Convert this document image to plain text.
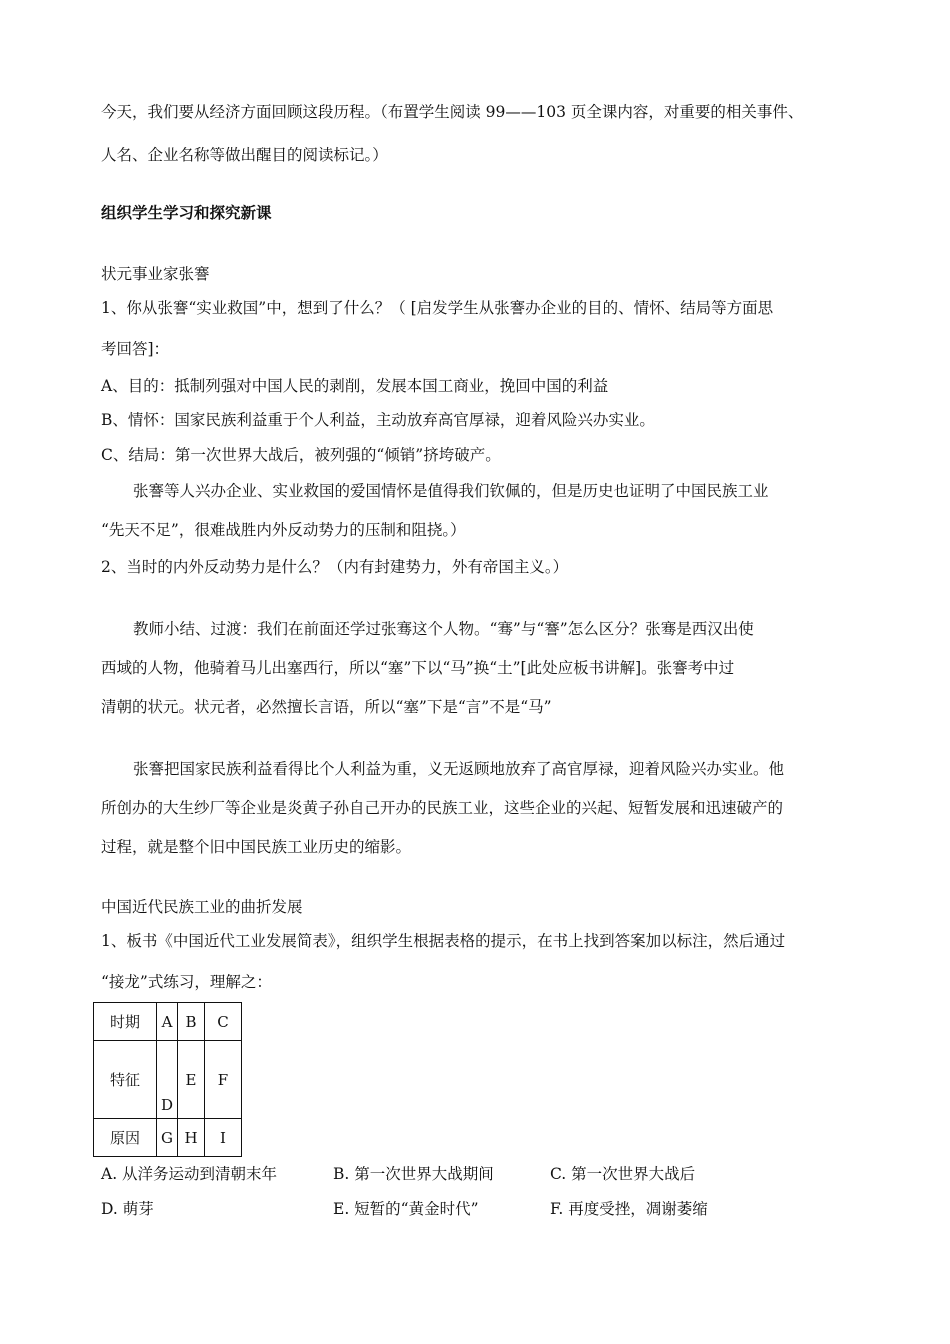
今天，我们要从经济方面回顾这段历程。（布置学生阅读 99——103 页全课内容，对重要的相关事件、
人名、企业名称等做出醒目的阅读标记。）
组织学生学习和探究新课
状元事业家张謇
1、你从张謇“实业救国”中，想到了什么？（ [启发学生从张謇办企业的目的、情怀、结局等方面思
考回答]：
A、目的：抵制列强对中国人民的剥削，发展本国工商业，挽回中国的利益
B、情怀：国家民族利益重于个人利益，主动放弃高官厚禄，迎着风险兴办实业。
C、结局：第一次世界大战后，被列强的“倾销”挤垮破产。
张謇等人兴办企业、实业救国的爱国情怀是值得我们钦佩的，但是历史也证明了中国民族工业
“先天不足”，很难战胜内外反动势力的压制和阻挠。）
2、当时的内外反动势力是什么？（内有封建势力，外有帝国主义。）
教师小结、过渡：我们在前面还学过张骞这个人物。“骞”与“謇”怎么区分？张骞是西汉出使
西域的人物，他骑着马儿出塞西行，所以“塞”下以“马”换“土”[此处应板书讲解]。张謇考中过
清朝的状元。状元者，必然擅长言语，所以“塞”下是“言”不是“马”
张謇把国家民族利益看得比个人利益为重，义无返顾地放弃了高官厚禄，迎着风险兴办实业。他
所创办的大生纱厂等企业是炎黄子孙自己开办的民族工业，这些企业的兴起、短暂发展和迅速破产的
过程，就是整个旧中国民族工业历史的缩影。
中国近代民族工业的曲折发展
1、板书《中国近代工业发展简表》，组织学生根据表格的提示，在书上找到答案加以标注，然后通过
“接龙”式练习，理解之：
时期	A	B	C
特征	D	E	F
原因	G	H	I
A. 从洋务运动到清朝末年	B. 第一次世界大战期间	C. 第一次世界大战后
D. 萌芽	E. 短暂的“黄金时代”	F. 再度受挫，凋谢萎缩
